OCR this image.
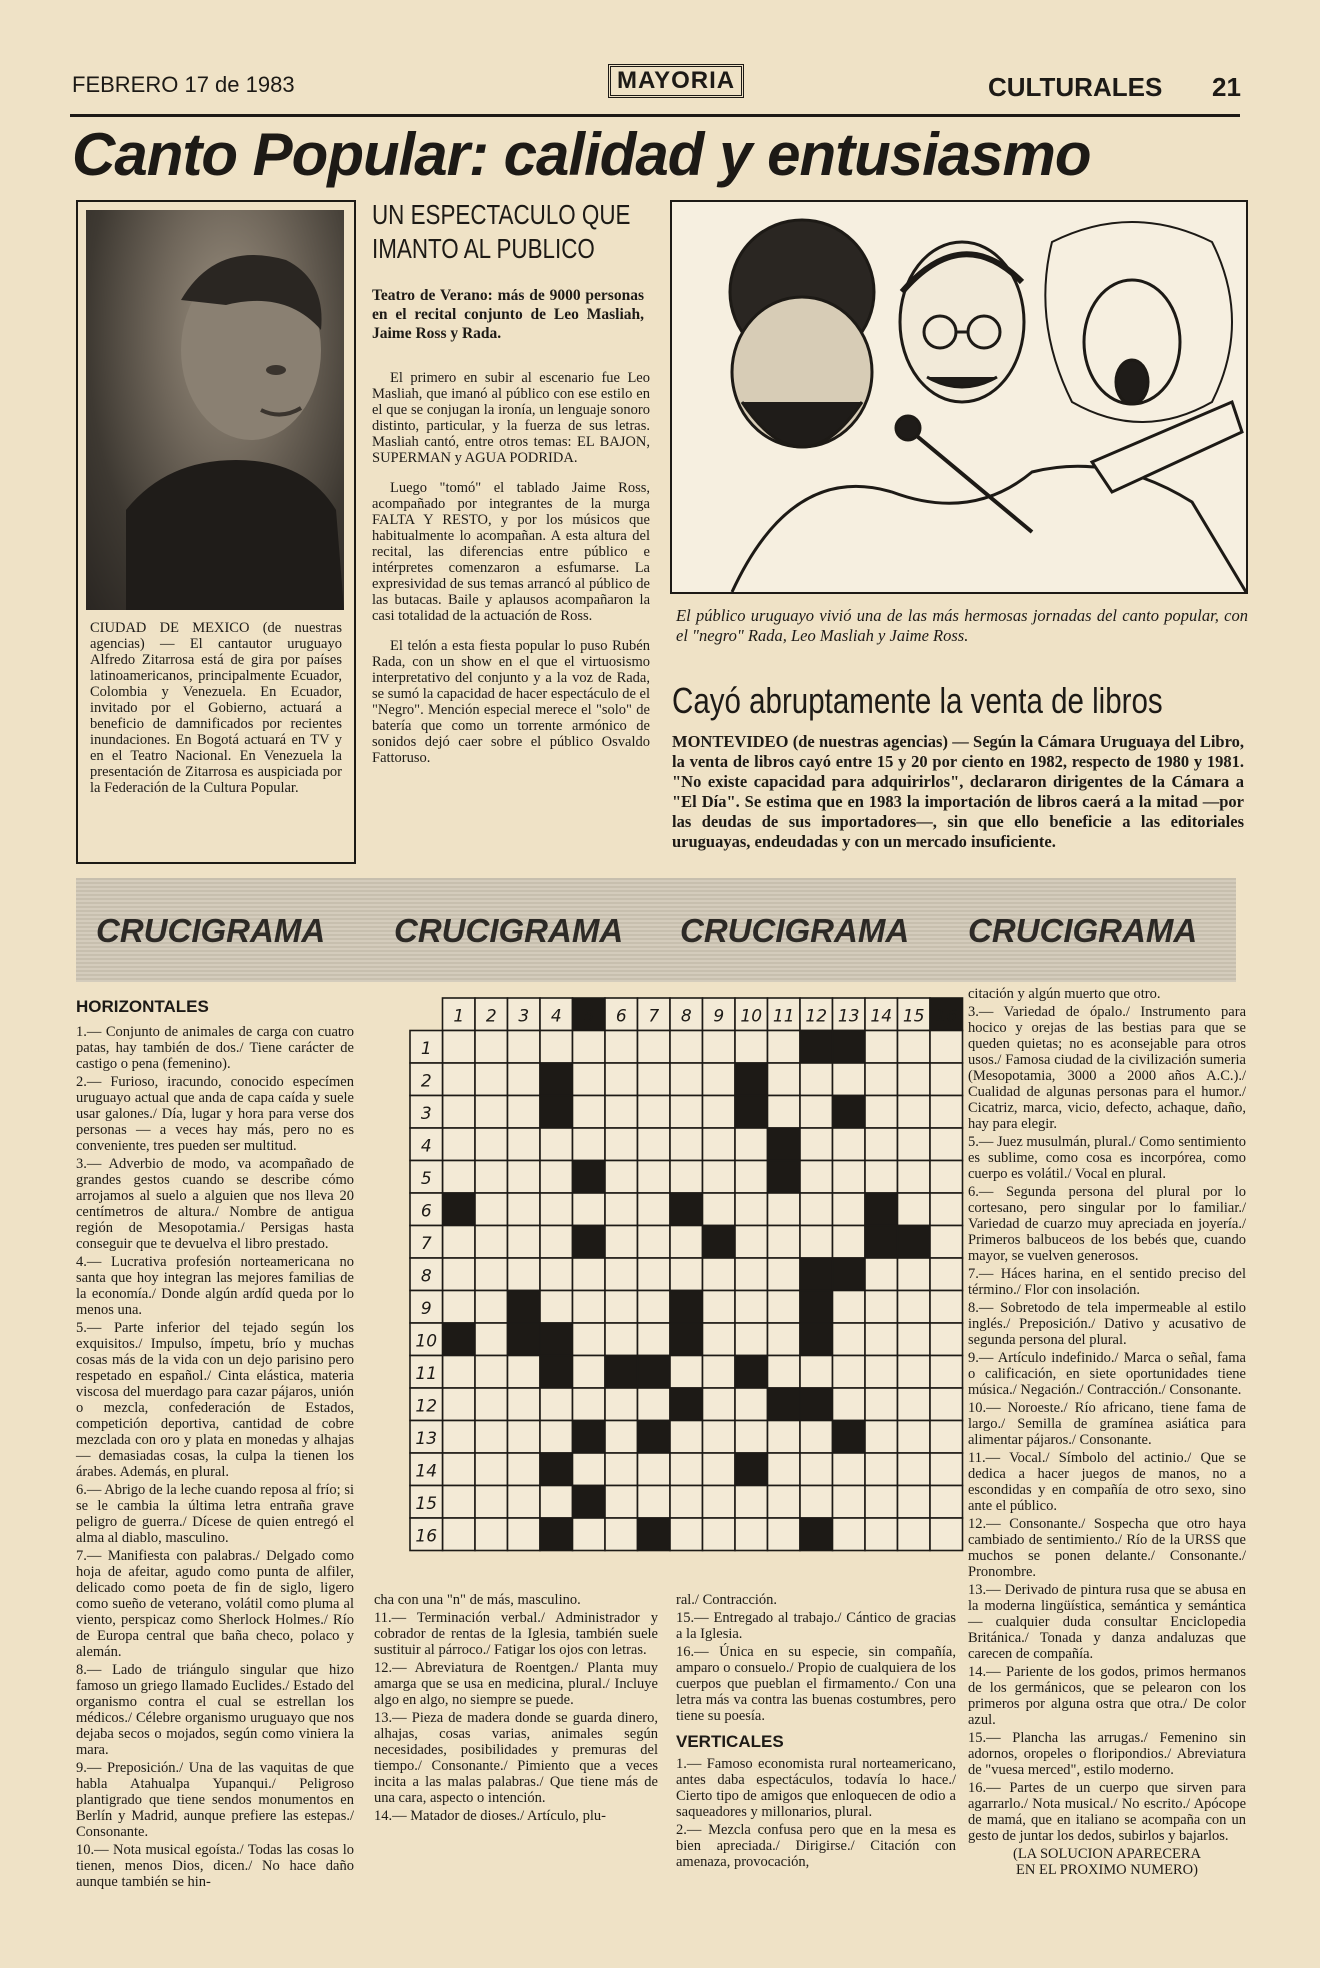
FEBRERO 17 de 1983	MAYORIA	CULTURALES 21
Canto Popular: calidad y entusiasmo

CIUDAD DE MEXICO (de nuestras agencias) — El cantautor uruguayo Alfredo Zitarrosa está de gira por países latinoamericanos, principalmente Ecuador, Colombia y Venezuela. En Ecuador, invitado por el Gobierno, actuará a beneficio de damnificados por recientes inundaciones. En Bogotá actuará en TV y en el Teatro Nacional. En Venezuela la presentación de Zitarrosa es auspiciada por la Federación de la Cultura Popular.

UN ESPECTACULO QUE
IMANTO AL PUBLICO

Teatro de Verano: más de 9000 personas en el recital conjunto de Leo Masliah, Jaime Ross y Rada.

El primero en subir al escenario fue Leo Masliah, que imanó al público con ese estilo en el que se conjugan la ironía, un lenguaje sonoro distinto, particular, y la fuerza de sus letras. Masliah cantó, entre otros temas: EL BAJON, SUPERMAN y AGUA PODRIDA.

Luego "tomó" el tablado Jaime Ross, acompañado por integrantes de la murga FALTA Y RESTO, y por los músicos que habitualmente lo acompañan. A esta altura del recital, las diferencias entre público e intérpretes comenzaron a esfumarse. La expresividad de sus temas arrancó al público de las butacas. Baile y aplausos acompañaron la casi totalidad de la actuación de Ross.

El telón a esta fiesta popular lo puso Rubén Rada, con un show en el que el virtuosismo interpretativo del conjunto y a la voz de Rada, se sumó la capacidad de hacer espectáculo de el "Negro". Mención especial merece el "solo" de batería que como un torrente armónico de sonidos dejó caer sobre el público Osvaldo Fattoruso.

El público uruguayo vivió una de las más hermosas jornadas del canto popular, con el "negro" Rada, Leo Masliah y Jaime Ross.

Cayó abruptamente la venta de libros

MONTEVIDEO (de nuestras agencias) — Según la Cámara Uruguaya del Libro, la venta de libros cayó entre 15 y 20 por ciento en 1982, respecto de 1980 y 1981. "No existe capacidad para adquirirlos", declararon dirigentes de la Cámara a "El Día". Se estima que en 1983 la importación de libros caerá a la mitad —por las deudas de sus importadores—, sin que ello beneficie a las editoriales uruguayas, endeudadas y con un mercado insuficiente.

CRUCIGRAMA CRUCIGRAMA CRUCIGRAMA CRUCIGRAMA
HORIZONTALES

1.— Conjunto de animales de carga con cuatro patas, hay también de dos./ Tiene carácter de castigo o pena (femenino).

2.— Furioso, iracundo, conocido especímen uruguayo actual que anda de capa caída y suele usar galones./ Día, lugar y hora para verse dos personas — a veces hay más, pero no es conveniente, tres pueden ser multitud.

3.— Adverbio de modo, va acompañado de grandes gestos cuando se describe cómo arrojamos al suelo a alguien que nos lleva 20 centímetros de altura./ Nombre de antigua región de Mesopotamia./ Persigas hasta conseguir que te devuelva el libro prestado.

4.— Lucrativa profesión norteamericana no santa que hoy integran las mejores familias de la economía./ Donde algún ardíd queda por lo menos una.

5.— Parte inferior del tejado según los exquisitos./ Impulso, ímpetu, brío y muchas cosas más de la vida con un dejo parisino pero respetado en español./ Cinta elástica, materia viscosa del muerdago para cazar pájaros, unión o mezcla, confederación de Estados, competición deportiva, cantidad de cobre mezclada con oro y plata en monedas y alhajas — demasiadas cosas, la culpa la tienen los árabes. Además, en plural.

6.— Abrigo de la leche cuando reposa al frío; si se le cambia la última letra entraña grave peligro de guerra./ Dícese de quien entregó el alma al diablo, masculino.

7.— Manifiesta con palabras./ Delgado como hoja de afeitar, agudo como punta de alfiler, delicado como poeta de fin de siglo, ligero como sueño de veterano, volátil como pluma al viento, perspicaz como Sherlock Holmes./ Río de Europa central que baña checo, polaco y alemán.

8.— Lado de triángulo singular que hizo famoso un griego llamado Euclides./ Estado del organismo contra el cual se estrellan los médicos./ Célebre organismo uruguayo que nos dejaba secos o mojados, según como viniera la mara.

9.— Preposición./ Una de las vaquitas de que habla Atahualpa Yupanqui./ Peligroso plantigrado que tiene sendos monumentos en Berlín y Madrid, aunque prefiere las estepas./ Consonante.

10.— Nota musical egoísta./ Todas las cosas lo tienen, menos Dios, dicen./ No hace daño aunque también se hin-

1 2 3 4 5 6 7 8 9 10 11 12 13 14 15 16
1
2
3
4
5
6
7
8
9
10
11
12
13
14
15
16

cha con una "n" de más, masculino.

11.— Terminación verbal./ Administrador y cobrador de rentas de la Iglesia, también suele sustituir al párroco./ Fatigar los ojos con letras.

12.— Abreviatura de Roentgen./ Planta muy amarga que se usa en medicina, plural./ Incluye algo en algo, no siempre se puede.

13.— Pieza de madera donde se guarda dinero, alhajas, cosas varias, animales según necesidades, posibilidades y premuras del tiempo./ Consonante./ Pimiento que a veces incita a las malas palabras./ Que tiene más de una cara, aspecto o intención.

14.— Matador de dioses./ Artículo, plu-

ral./ Contracción.

15.— Entregado al trabajo./ Cántico de gracias a la Iglesia.

16.— Única en su especie, sin compañía, amparo o consuelo./ Propio de cualquiera de los cuerpos que pueblan el firmamento./ Con una letra más va contra las buenas costumbres, pero tiene su poesía.

VERTICALES

1.— Famoso economista rural norteamericano, antes daba espectáculos, todavía lo hace./ Cierto tipo de amigos que enloquecen de odio a saqueadores y millonarios, plural.

2.— Mezcla confusa pero que en la mesa es bien apreciada./ Dirigirse./ Citación con amenaza, provocación,

citación y algún muerto que otro.

3.— Variedad de ópalo./ Instrumento para hocico y orejas de las bestias para que se queden quietas; no es aconsejable para otros usos./ Famosa ciudad de la civilización sumeria (Mesopotamia, 3000 a 2000 años A.C.)./ Cualidad de algunas personas para el humor./ Cicatriz, marca, vicio, defecto, achaque, daño, hay para elegir.

5.— Juez musulmán, plural./ Como sentimiento es sublime, como cosa es incorpórea, como cuerpo es volátil./ Vocal en plural.

6.— Segunda persona del plural por lo cortesano, pero singular por lo familiar./ Variedad de cuarzo muy apreciada en joyería./ Primeros balbuceos de los bebés que, cuando mayor, se vuelven generosos.

7.— Háces harina, en el sentido preciso del término./ Flor con insolación.

8.— Sobretodo de tela impermeable al estilo inglés./ Preposición./ Dativo y acusativo de segunda persona del plural.

9.— Artículo indefinido./ Marca o señal, fama o calificación, en siete oportunidades tiene música./ Negación./ Contracción./ Consonante.

10.— Noroeste./ Río africano, tiene fama de largo./ Semilla de gramínea asiática para alimentar pájaros./ Consonante.

11.— Vocal./ Símbolo del actinio./ Que se dedica a hacer juegos de manos, no a escondidas y en compañía de otro sexo, sino ante el público.

12.— Consonante./ Sospecha que otro haya cambiado de sentimiento./ Río de la URSS que muchos se ponen delante./ Consonante./ Pronombre.

13.— Derivado de pintura rusa que se abusa en la moderna lingüística, semántica y semántica — cualquier duda consultar Enciclopedia Británica./ Tonada y danza andaluzas que carecen de compañía.

14.— Pariente de los godos, primos hermanos de los germánicos, que se pelearon con los primeros por alguna ostra que otra./ De color azul.

15.— Plancha las arrugas./ Femenino sin adornos, oropeles o floripondios./ Abreviatura de "vuesa merced", estilo moderno.

16.— Partes de un cuerpo que sirven para agarrarlo./ Nota musical./ No escrito./ Apócope de mamá, que en italiano se acompaña con un gesto de juntar los dedos, subirlos y bajarlos.

(LA SOLUCION APARECERA
EN EL PROXIMO NUMERO)
